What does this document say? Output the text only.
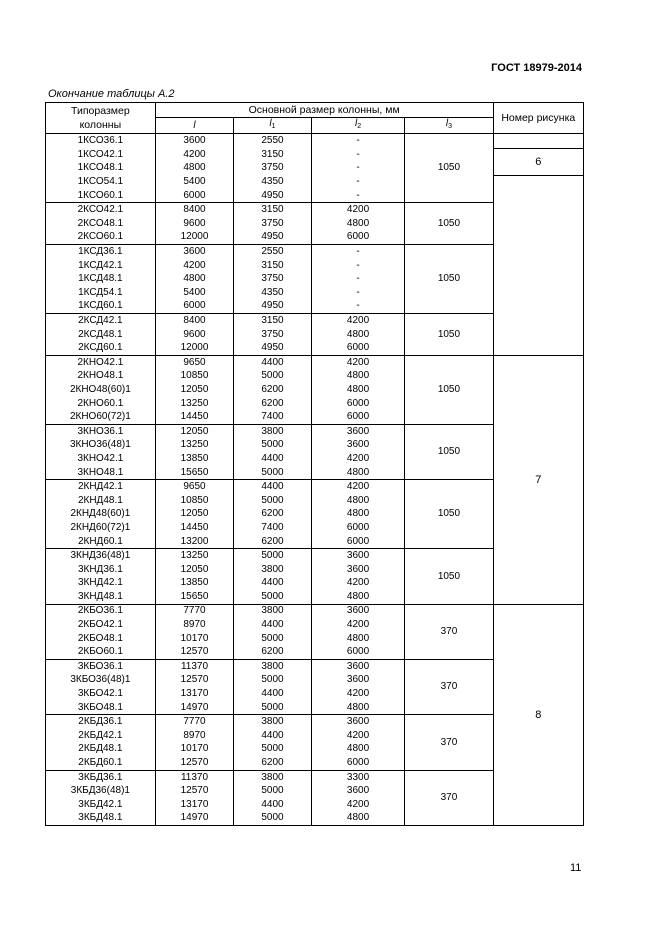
ГОСТ 18979-2014
Окончание таблицы А.2
Типоразмер
колонны	Основной размер колонны, мм				Номер рисунка
	l	$l_1$	$l_2$	$l_3$
1КСО36.1	3600	2550	-	1050	
1КСО42.1	4200	3150	-		6
1КСО48.1	4800	3750	-		
1КСО54.1	5400	4350	-		
1КСО60.1	6000	4950	-		
2КСО42.1	8400	3150	4200	1050	
2КСО48.1	9600	3750	4800		
2КСО60.1	12000	4950	6000		
1КСД36.1	3600	2550	-	1050	
1КСД42.1	4200	3150	-		
1КСД48.1	4800	3750	-		
1КСД54.1	5400	4350	-		
1КСД60.1	6000	4950	-		
2КСД42.1	8400	3150	4200	1050	
2КСД48.1	9600	3750	4800		
2КСД60.1	12000	4950	6000		
2КНО42.1	9650	4400	4200	1050	7
2КНО48.1	10850	5000	4800		
2КНО48(60)1	12050	6200	4800		
2КНО60.1	13250	6200	6000		
2КНО60(72)1	14450	7400	6000		
3КНО36.1	12050	3800	3600	1050	
3КНО36(48)1	13250	5000	3600		
3КНО42.1	13850	4400	4200		
3КНО48.1	15650	5000	4800		
2КНД42.1	9650	4400	4200	1050	
2КНД48.1	10850	5000	4800		
2КНД48(60)1	12050	6200	4800		
2КНД60(72)1	14450	7400	6000		
2КНД60.1	13200	6200	6000		
3КНД36(48)1	13250	5000	3600	1050	
3КНД36.1	12050	3800	3600		
3КНД42.1	13850	4400	4200		
3КНД48.1	15650	5000	4800		
2КБО36.1	7770	3800	3600	370	8
2КБО42.1	8970	4400	4200		
2КБО48.1	10170	5000	4800		
2КБО60.1	12570	6200	6000		
3КБО36.1	11370	3800	3600	370	
3КБО36(48)1	12570	5000	3600		
3КБО42.1	13170	4400	4200		
3КБО48.1	14970	5000	4800		
2КБД36.1	7770	3800	3600	370	
2КБД42.1	8970	4400	4200		
2КБД48.1	10170	5000	4800		
2КБД60.1	12570	6200	6000		
3КБД36.1	11370	3800	3300	370	
3КБД36(48)1	12570	5000	3600		
3КБД42.1	13170	4400	4200		
3КБД48.1	14970	5000	4800		
11
